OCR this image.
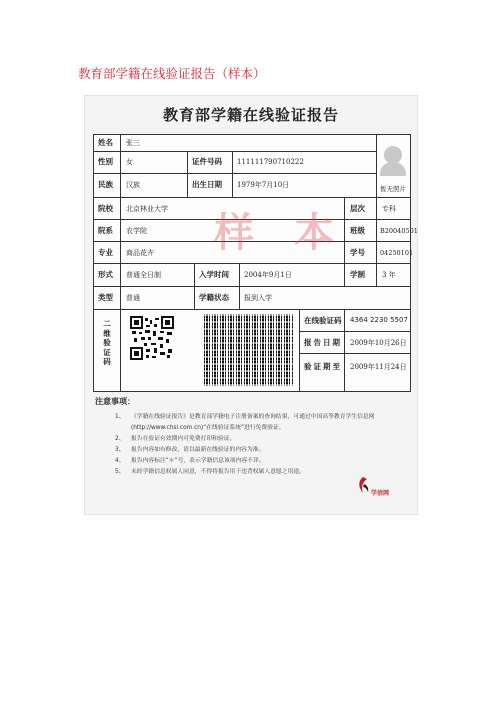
教育部学籍在线验证报告（样本）
教育部学籍在线验证报告
姓名 张三
性别 女	证件号码 111111790710222
民族 汉族	出生日期 1979年7月10日
院校 北京林业大学	层次 专科
院系 农学院	班级 B20040501
专业 商品花卉	学号 04250101
形式 普通全日制	入学时间 2004年9月1日	学制 3 年
类型 普通	学籍状态 报到入学
暂无照片
样 本
二维验证码
在线验证码 4364 2230 5507
报告日期 2009年10月26日
验证期至 2009年11月24日
注意事项：
1、 《学籍在线验证报告》是教育部学籍电子注册备案的查询结果，可通过中国高等教育学生信息网(http://www.chsi.com.cn)“在线验证系统”进行免费验证。
2、 报告在验证有效期内可免费打印和验证。
3、 报告内容如有修改，请以最新在线验证的内容为准。
4、 报告内容标注“＊”号，表示学籍信息该项内容不详。
5、 未经学籍信息权属人同意，不得将报告用于违背权属人意愿之用途。
学信网
